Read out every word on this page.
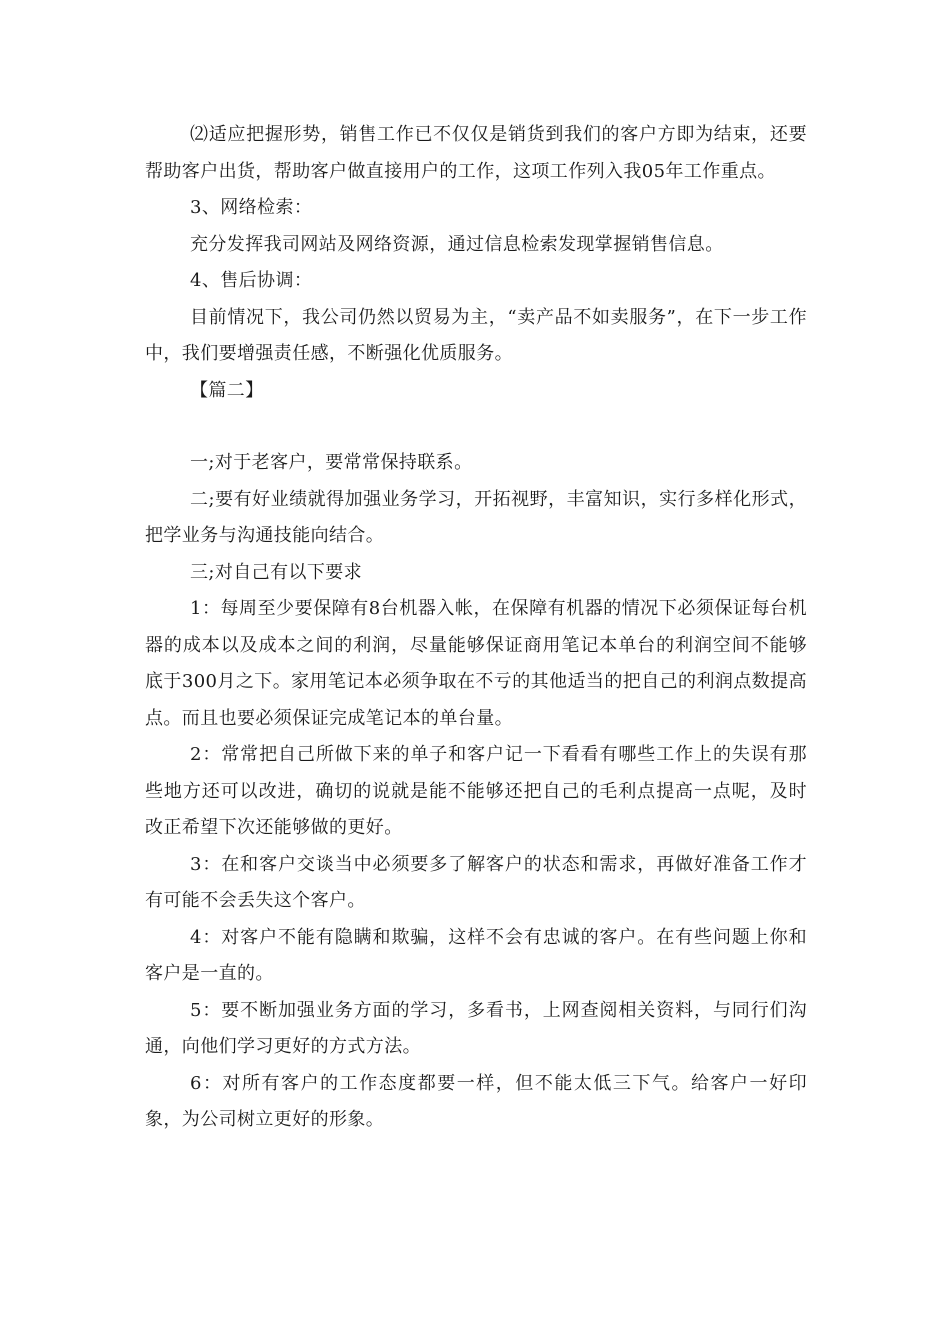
⑵适应把握形势，销售工作已不仅仅是销货到我们的客户方即为结束，还要帮助客户出货，帮助客户做直接用户的工作，这项工作列入我05年工作重点。

3、网络检索：

充分发挥我司网站及网络资源，通过信息检索发现掌握销售信息。

4、售后协调：

目前情况下，我公司仍然以贸易为主，“卖产品不如卖服务”，在下一步工作中，我们要增强责任感，不断强化优质服务。

【篇二】

一;对于老客户，要常常保持联系。

二;要有好业绩就得加强业务学习，开拓视野，丰富知识，实行多样化形式，把学业务与沟通技能向结合。

三;对自己有以下要求

1：每周至少要保障有8台机器入帐，在保障有机器的情况下必须保证每台机器的成本以及成本之间的利润，尽量能够保证商用笔记本单台的利润空间不能够底于300月之下。家用笔记本必须争取在不亏的其他适当的把自己的利润点数提高点。而且也要必须保证完成笔记本的单台量。

2：常常把自己所做下来的单子和客户记一下看看有哪些工作上的失误有那些地方还可以改进，确切的说就是能不能够还把自己的毛利点提高一点呢，及时改正希望下次还能够做的更好。

3：在和客户交谈当中必须要多了解客户的状态和需求，再做好准备工作才有可能不会丢失这个客户。

4：对客户不能有隐瞒和欺骗，这样不会有忠诚的客户。在有些问题上你和客户是一直的。

5：要不断加强业务方面的学习，多看书，上网查阅相关资料，与同行们沟通，向他们学习更好的方式方法。

6：对所有客户的工作态度都要一样，但不能太低三下气。给客户一好印象，为公司树立更好的形象。
